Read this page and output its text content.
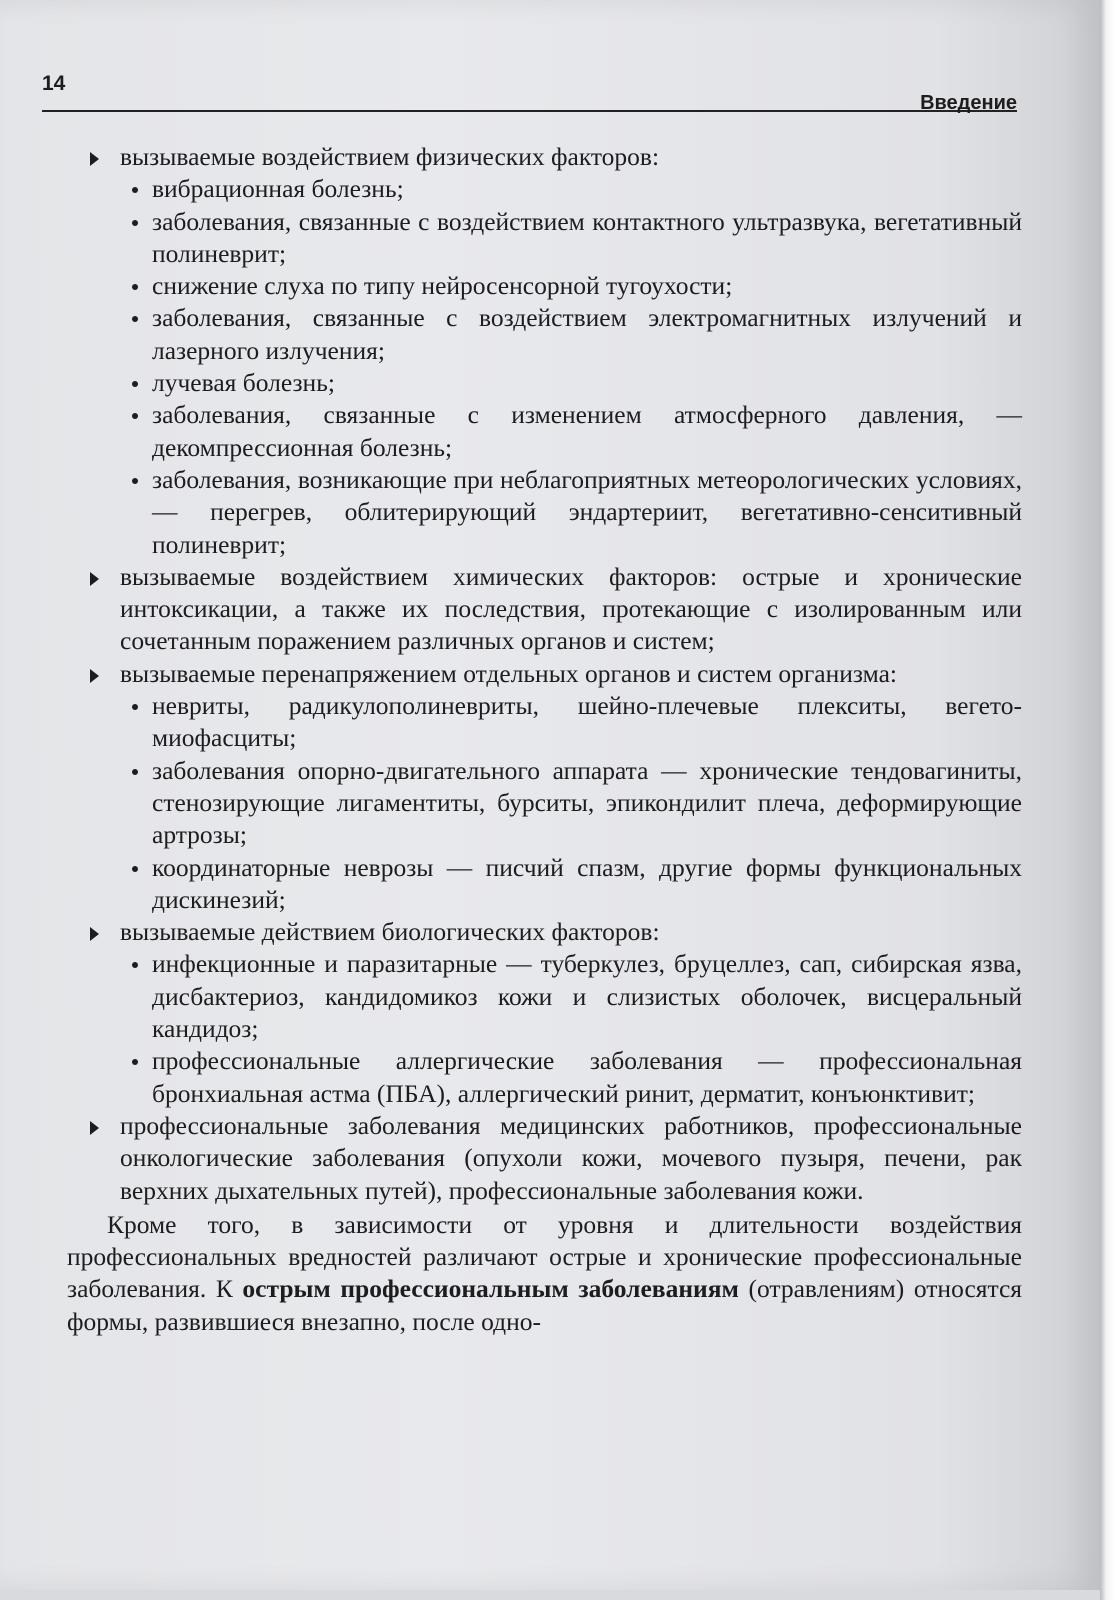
14
Введение
вызываемые воздействием физических факторов:
вибрационная болезнь;
заболевания, связанные с воздействием контактного ультразвука, вегетативный полиневрит;
снижение слуха по типу нейросенсорной тугоухости;
заболевания, связанные с воздействием электромагнитных излучений и лазерного излучения;
лучевая болезнь;
заболевания, связанные с изменением атмосферного давления, — декомпрессионная болезнь;
заболевания, возникающие при неблагоприятных метеорологических условиях, — перегрев, облитерирующий эндартериит, вегетативно-сенситивный полиневрит;
вызываемые воздействием химических факторов: острые и хронические интоксикации, а также их последствия, протекающие с изолированным или сочетанным поражением различных органов и систем;
вызываемые перенапряжением отдельных органов и систем организма:
невриты, радикулополиневриты, шейно-плечевые плекситы, вегетомиофасциты;
заболевания опорно-двигательного аппарата — хронические тендовагиниты, стенозирующие лигаментиты, бурситы, эпикондилит плеча, деформирующие артрозы;
координаторные неврозы — писчий спазм, другие формы функциональных дискинезий;
вызываемые действием биологических факторов:
инфекционные и паразитарные — туберкулез, бруцеллез, сап, сибирская язва, дисбактериоз, кандидомикоз кожи и слизистых оболочек, висцеральный кандидоз;
профессиональные аллергические заболевания — профессиональная бронхиальная астма (ПБА), аллергический ринит, дерматит, конъюнктивит;
профессиональные заболевания медицинских работников, профессиональные онкологические заболевания (опухоли кожи, мочевого пузыря, печени, рак верхних дыхательных путей), профессиональные заболевания кожи.

Кроме того, в зависимости от уровня и длительности воздействия профессиональных вредностей различают острые и хронические профессиональные заболевания. К острым профессиональным заболеваниям (отравлениям) относятся формы, развившиеся внезапно, после одно-
